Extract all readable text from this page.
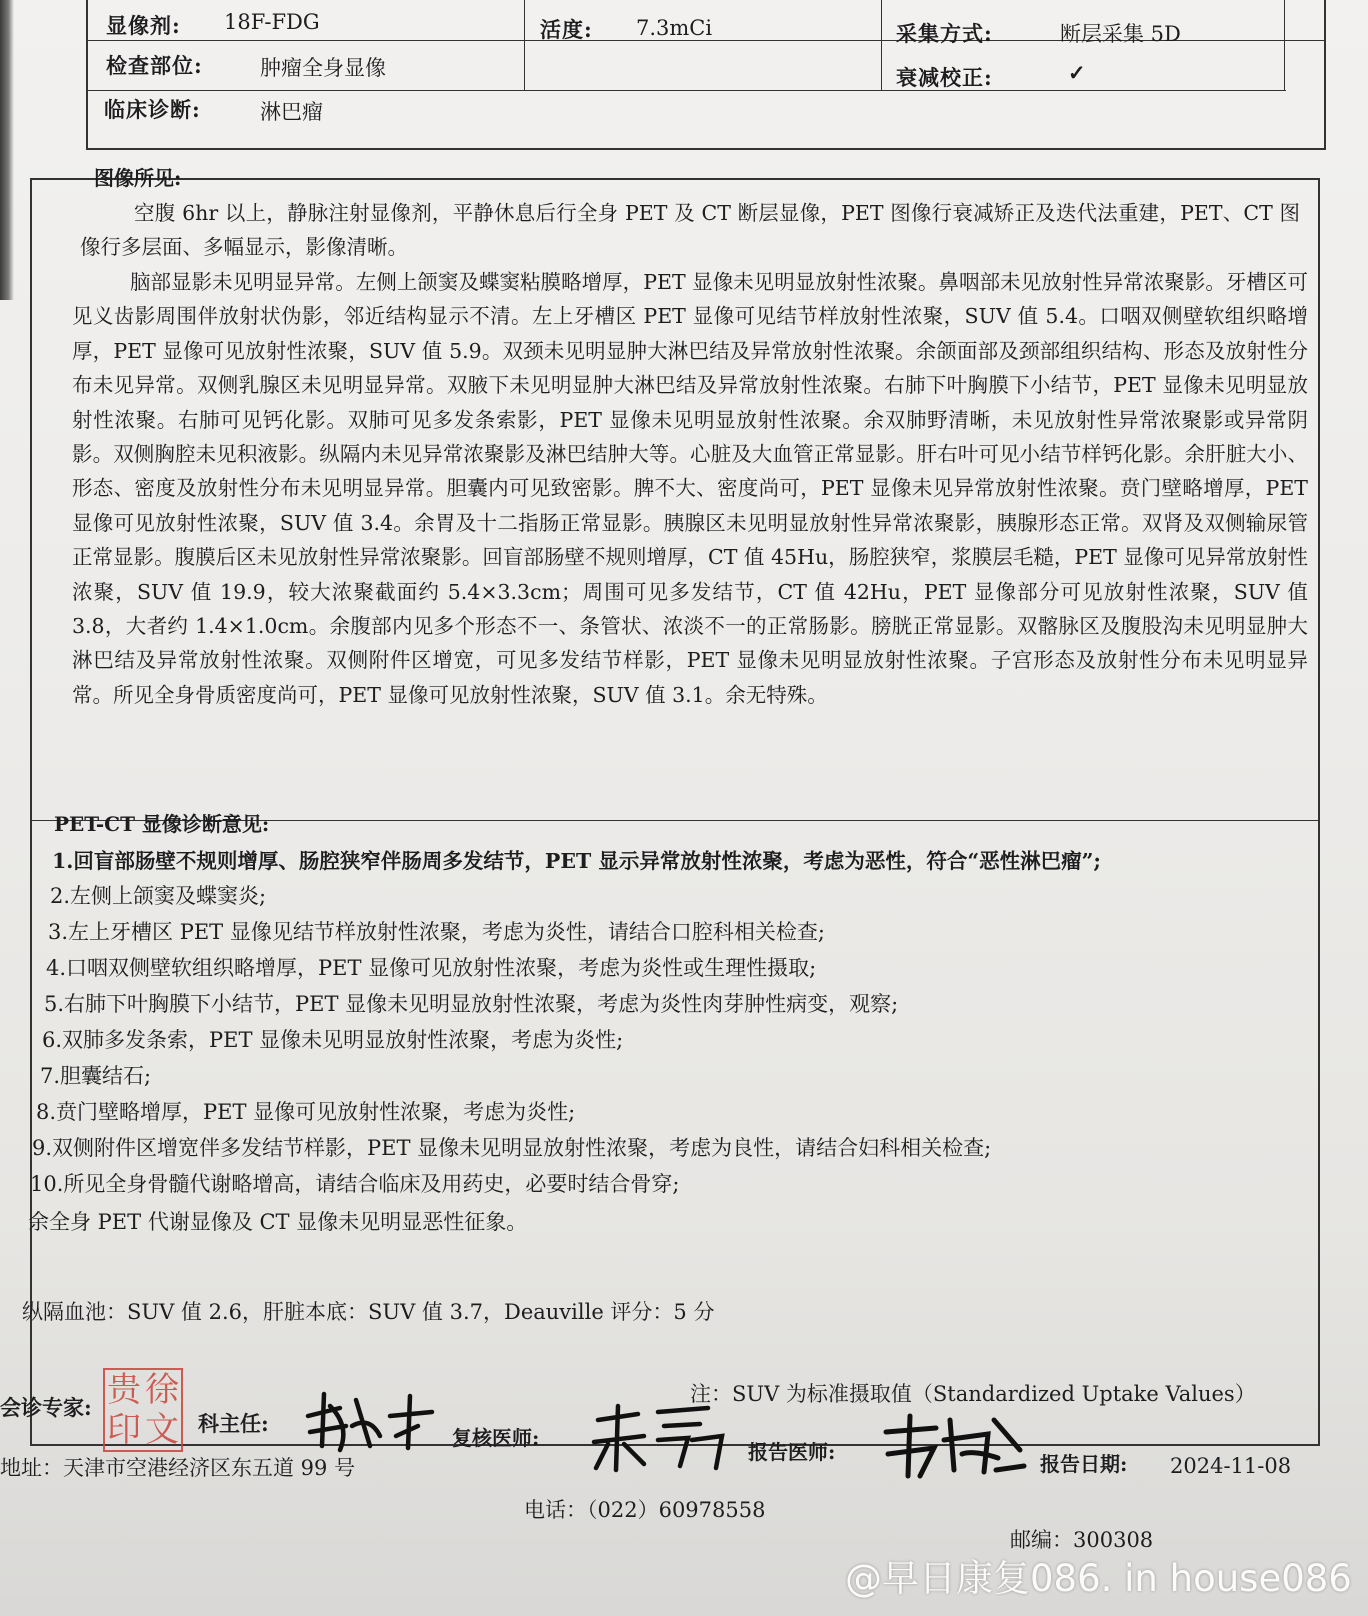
显像剂: 18F-FDG	活度: 7.3mCi	采集方式:	断层采集 5D
检查部位:	肿瘤全身显像	衰减校正:	✓
临床诊断:	淋巴瘤
图像所见:
空腹 6hr 以上，静脉注射显像剂，平静休息后行全身 PET 及 CT 断层显像，PET 图像行衰减矫正及迭代法重建，PET、CT 图像行多层面、多幅显示，影像清晰。
脑部显影未见明显异常。左侧上颌窦及蝶窦粘膜略增厚，PET 显像未见明显放射性浓聚。鼻咽部未见放射性异常浓聚影。牙槽区可见义齿影周围伴放射状伪影，邻近结构显示不清。左上牙槽区 PET 显像可见结节样放射性浓聚，SUV 值 5.4。口咽双侧壁软组织略增厚，PET 显像可见放射性浓聚，SUV 值 5.9。双颈未见明显肿大淋巴结及异常放射性浓聚。余颌面部及颈部组织结构、形态及放射性分布未见异常。双侧乳腺区未见明显异常。双腋下未见明显肿大淋巴结及异常放射性浓聚。右肺下叶胸膜下小结节，PET 显像未见明显放射性浓聚。右肺可见钙化影。双肺可见多发条索影，PET 显像未见明显放射性浓聚。余双肺野清晰，未见放射性异常浓聚影或异常阴影。双侧胸腔未见积液影。纵隔内未见异常浓聚影及淋巴结肿大等。心脏及大血管正常显影。肝右叶可见小结节样钙化影。余肝脏大小、形态、密度及放射性分布未见明显异常。胆囊内可见致密影。脾不大、密度尚可，PET 显像未见异常放射性浓聚。贲门壁略增厚，PET 显像可见放射性浓聚，SUV 值 3.4。余胃及十二指肠正常显影。胰腺区未见明显放射性异常浓聚影，胰腺形态正常。双肾及双侧输尿管正常显影。腹膜后区未见放射性异常浓聚影。回盲部肠壁不规则增厚，CT 值 45Hu，肠腔狭窄，浆膜层毛糙，PET 显像可见异常放射性浓聚，SUV 值 19.9，较大浓聚截面约 5.4×3.3cm；周围可见多发结节，CT 值 42Hu，PET 显像部分可见放射性浓聚，SUV 值 3.8，大者约 1.4×1.0cm。余腹部内见多个形态不一、条管状、浓淡不一的正常肠影。膀胱正常显影。双髂脉区及腹股沟未见明显肿大淋巴结及异常放射性浓聚。双侧附件区增宽，可见多发结节样影，PET 显像未见明显放射性浓聚。子宫形态及放射性分布未见明显异常。所见全身骨质密度尚可，PET 显像可见放射性浓聚，SUV 值 3.1。余无特殊。
PET-CT 显像诊断意见:
1.回盲部肠壁不规则增厚、肠腔狭窄伴肠周多发结节，PET 显示异常放射性浓聚，考虑为恶性，符合“恶性淋巴瘤”;
2.左侧上颌窦及蝶窦炎;
3.左上牙槽区 PET 显像见结节样放射性浓聚，考虑为炎性，请结合口腔科相关检查;
4.口咽双侧壁软组织略增厚，PET 显像可见放射性浓聚，考虑为炎性或生理性摄取;
5.右肺下叶胸膜下小结节，PET 显像未见明显放射性浓聚，考虑为炎性肉芽肿性病变，观察;
6.双肺多发条索，PET 显像未见明显放射性浓聚，考虑为炎性;
7.胆囊结石;
8.贲门壁略增厚，PET 显像可见放射性浓聚，考虑为炎性;
9.双侧附件区增宽伴多发结节样影，PET 显像未见明显放射性浓聚，考虑为良性，请结合妇科相关检查;
10.所见全身骨髓代谢略增高，请结合临床及用药史，必要时结合骨穿;
余全身 PET 代谢显像及 CT 显像未见明显恶性征象。
纵隔血池：SUV 值 2.6，肝脏本底：SUV 值 3.7，Deauville 评分：5 分
注：SUV 为标准摄取值（Standardized Uptake Values）
会诊专家: 贵 徐
印 文 科主任:
复核医师:
报告医师:	报告日期: 2024-11-08
地址：天津市空港经济区东五道 99 号
电话：（022）60978558
邮编：300308
@早日康复086. in house086
